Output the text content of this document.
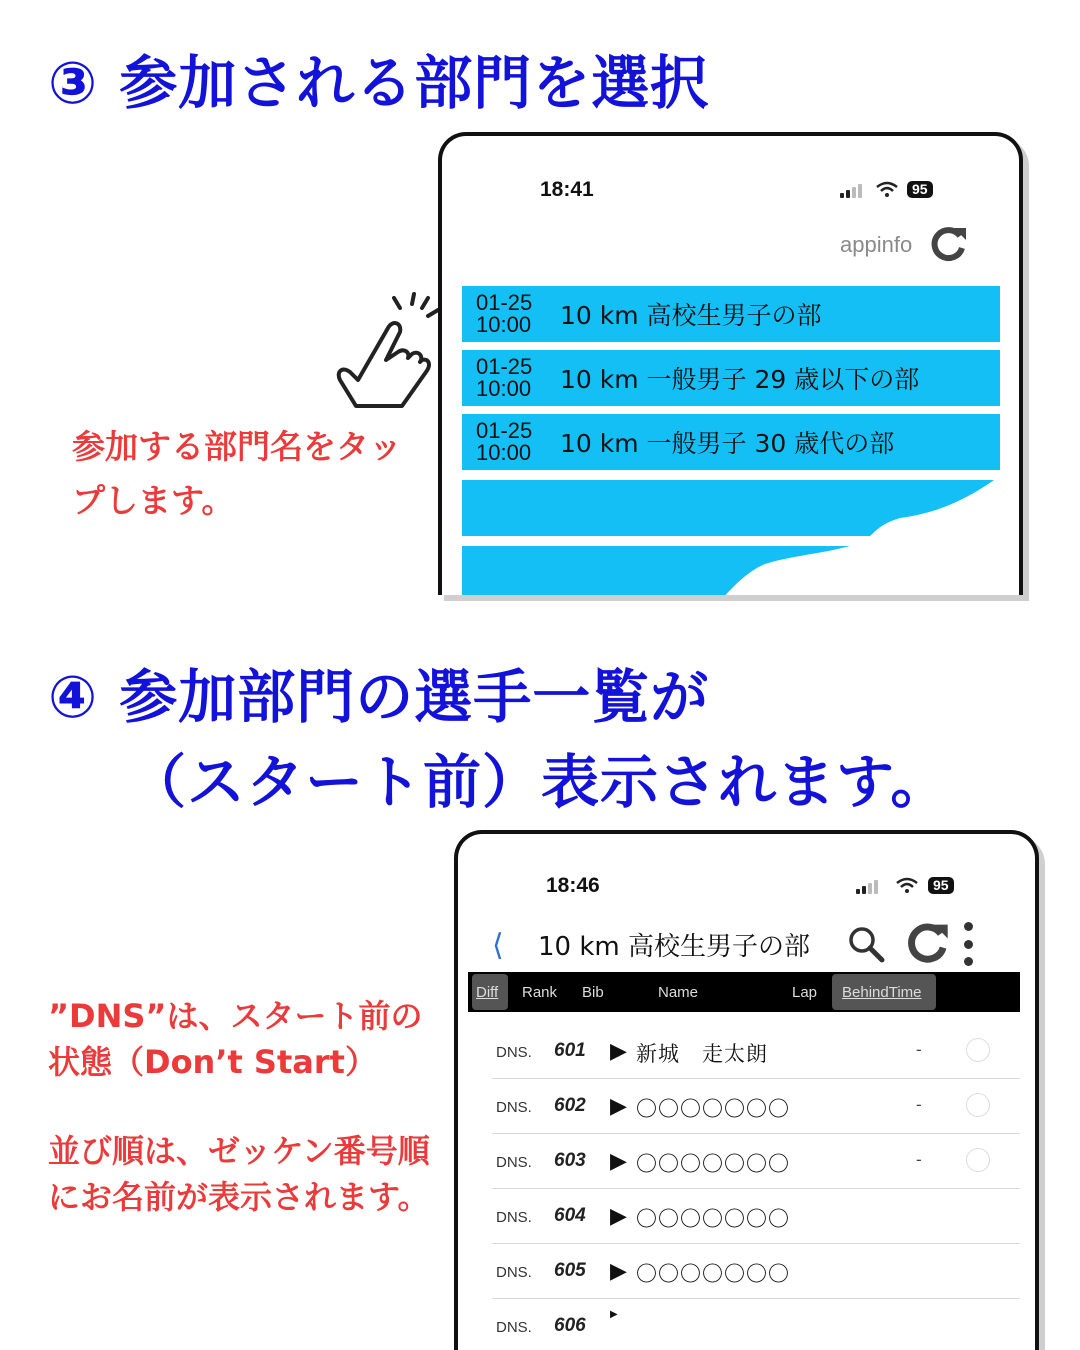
③ 参加される部門を選択
参加する部門名をタップします。
18:41	95
appinfo
01-25
10:00	10 km 高校生男子の部
01-25
10:00	10 km 一般男子 29 歳以下の部
01-25
10:00	10 km 一般男子 30 歳代の部
④ 参加部門の選手一覧が
（スタート前）表示されます。
”DNS”は、スタート前の状態（Don’t Start）
並び順は、ゼッケン番号順にお名前が表示されます。
18:46	95
⟨ 10 km 高校生男子の部
Diff Rank Bib	Name	Lap BehindTime
DNS. 601 ▶ 新城　走太朗	-
DNS. 602 ▶ 〇〇〇〇〇〇〇	-
DNS. 603 ▶ 〇〇〇〇〇〇〇	-
DNS. 604 ▶ 〇〇〇〇〇〇〇
DNS. 605 ▶ 〇〇〇〇〇〇〇
DNS. 606
▶
